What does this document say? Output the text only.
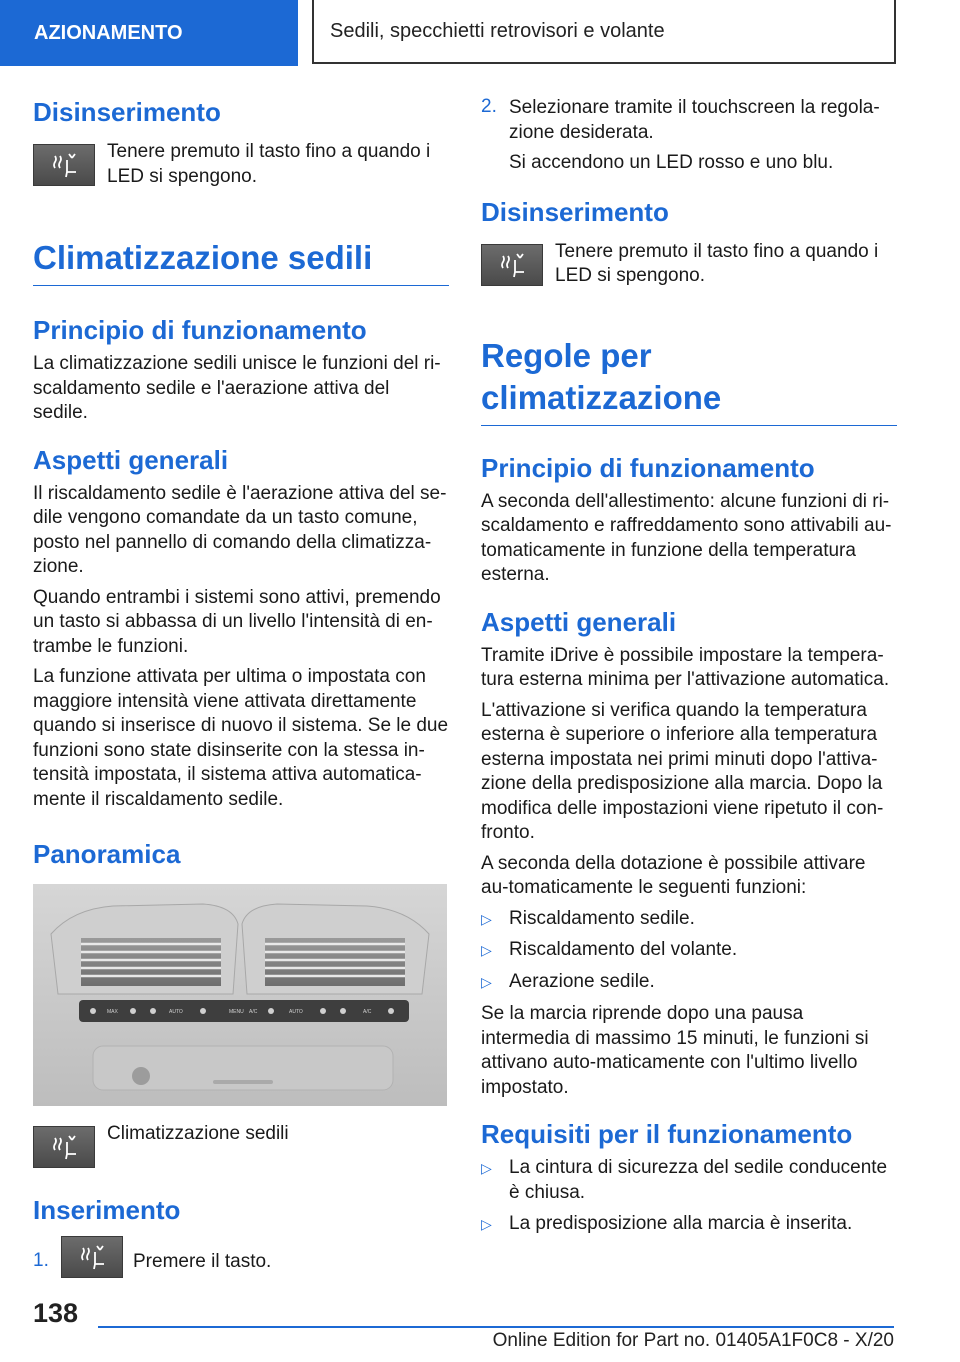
AZIONAMENTO	Sedili, specchietti retrovisori e volante
Disinserimento

Tenere premuto il tasto fino a quando i LED si spengono.

Climatizzazione sedili
Principio di funzionamento

La climatizzazione sedili unisce le funzioni del ri-scaldamento sedile e l'aerazione attiva del sedile.

Aspetti generali

Il riscaldamento sedile è l'aerazione attiva del se-dile vengono comandate da un tasto comune, posto nel pannello di comando della climatizza-zione.

Quando entrambi i sistemi sono attivi, premendo un tasto si abbassa di un livello l'intensità di en-trambe le funzioni.

La funzione attivata per ultima o impostata con maggiore intensità viene attivata direttamente quando si inserisce di nuovo il sistema. Se le due funzioni sono state disinserite con la stessa in-tensità impostata, il sistema attiva automatica-mente il riscaldamento sedile.

Panoramica
MAX	AUTO	MENU A/C	AUTO	A/C

Climatizzazione sedili

Inserimento
1.	Premere il tasto.

2. Selezionare tramite il touchscreen la regola-zione desiderata.

Si accendono un LED rosso e uno blu.

Disinserimento

Tenere premuto il tasto fino a quando i LED si spengono.

Regole per climatizzazione
Principio di funzionamento

A seconda dell'allestimento: alcune funzioni di ri-scaldamento e raffreddamento sono attivabili au-tomaticamente in funzione della temperatura esterna.

Aspetti generali

Tramite iDrive è possibile impostare la tempera-tura esterna minima per l'attivazione automatica.

L'attivazione si verifica quando la temperatura esterna è superiore o inferiore alla temperatura esterna impostata nei primi minuti dopo l'attiva-zione della predisposizione alla marcia. Dopo la modifica delle impostazioni viene ripetuto il con-fronto.

A seconda della dotazione è possibile attivare au-tomaticamente le seguenti funzioni:

▷ Riscaldamento sedile.
▷ Riscaldamento del volante.
▷ Aerazione sedile.

Se la marcia riprende dopo una pausa intermedia di massimo 15 minuti, le funzioni si attivano auto-maticamente con l'ultimo livello impostato.

Requisiti per il funzionamento
▷ La cintura di sicurezza del sedile conducente è chiusa.
▷ La predisposizione alla marcia è inserita.
138
Online Edition for Part no. 01405A1F0C8 - X/20
